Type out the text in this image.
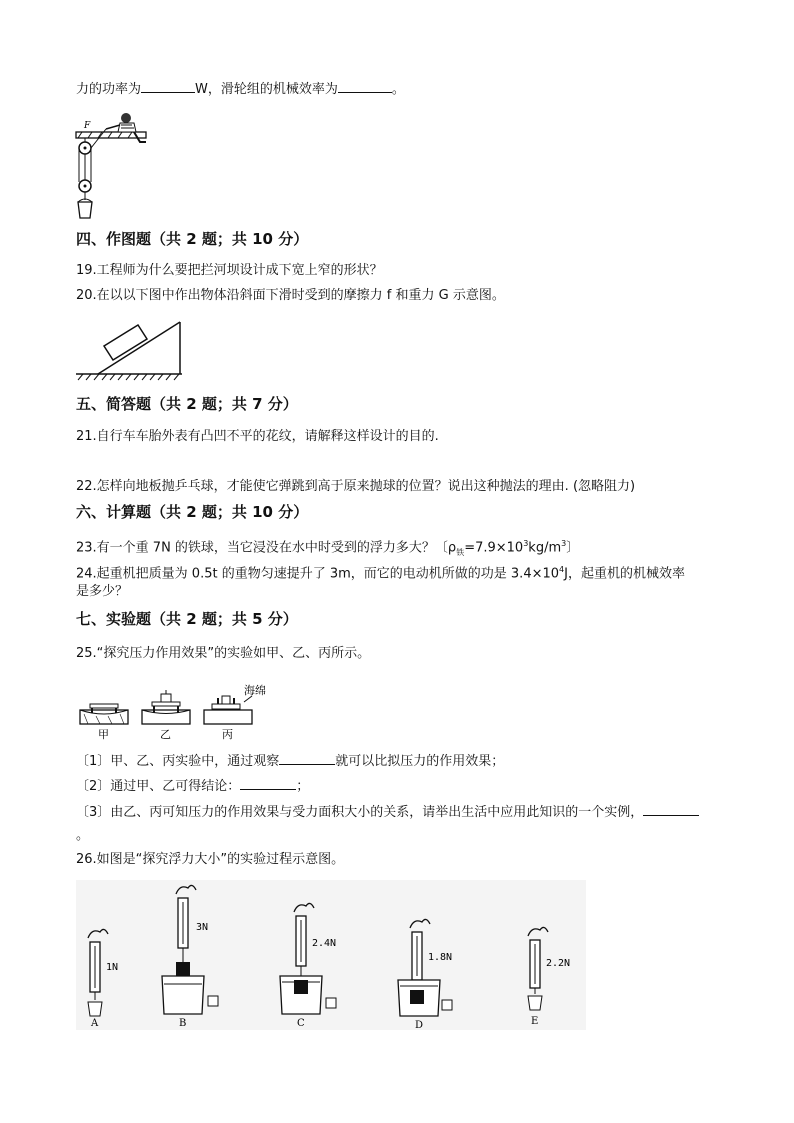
力的功率为	W，滑轮组的机械效率为	。
F
四、作图题（共 2 题；共 10 分）
19.工程师为什么要把拦河坝设计成下宽上窄的形状？
20.在以以下图中作出物体沿斜面下滑时受到的摩擦力 f 和重力 G 示意图。
五、简答题（共 2 题；共 7 分）
21.自行车车胎外表有凸凹不平的花纹，请解释这样设计的目的.
22.怎样向地板抛乒乓球，才能使它弹跳到高于原来抛球的位置？说出这种抛法的理由. (忽略阻力)
六、计算题（共 2 题；共 10 分）
23.有一个重 7N 的铁球，当它浸没在水中时受到的浮力多大？〔$\rho_铁=7.9\times 10^3kg/m^3$〕
24.起重机把质量为 0.5t 的重物匀速提升了 3m，而它的电动机所做的功是 $3.4\times 10^4J$，起重机的机械效率
是多少？
七、实验题（共 2 题；共 5 分）
25.“探究压力作用效果”的实验如甲、乙、丙所示。
海绵
甲	乙	丙
〔1〕甲、乙、丙实验中，通过观察	就可以比拟压力的作用效果；
〔2〕通过甲、乙可得结论：	；
〔3〕由乙、丙可知压力的作用效果与受力面积大小的关系，请举出生活中应用此知识的一个实例，
。
26.如图是“探究浮力大小”的实验过程示意图。
1N
A
3N
B
2.4N
C
1.8N
D
2.2N
E
